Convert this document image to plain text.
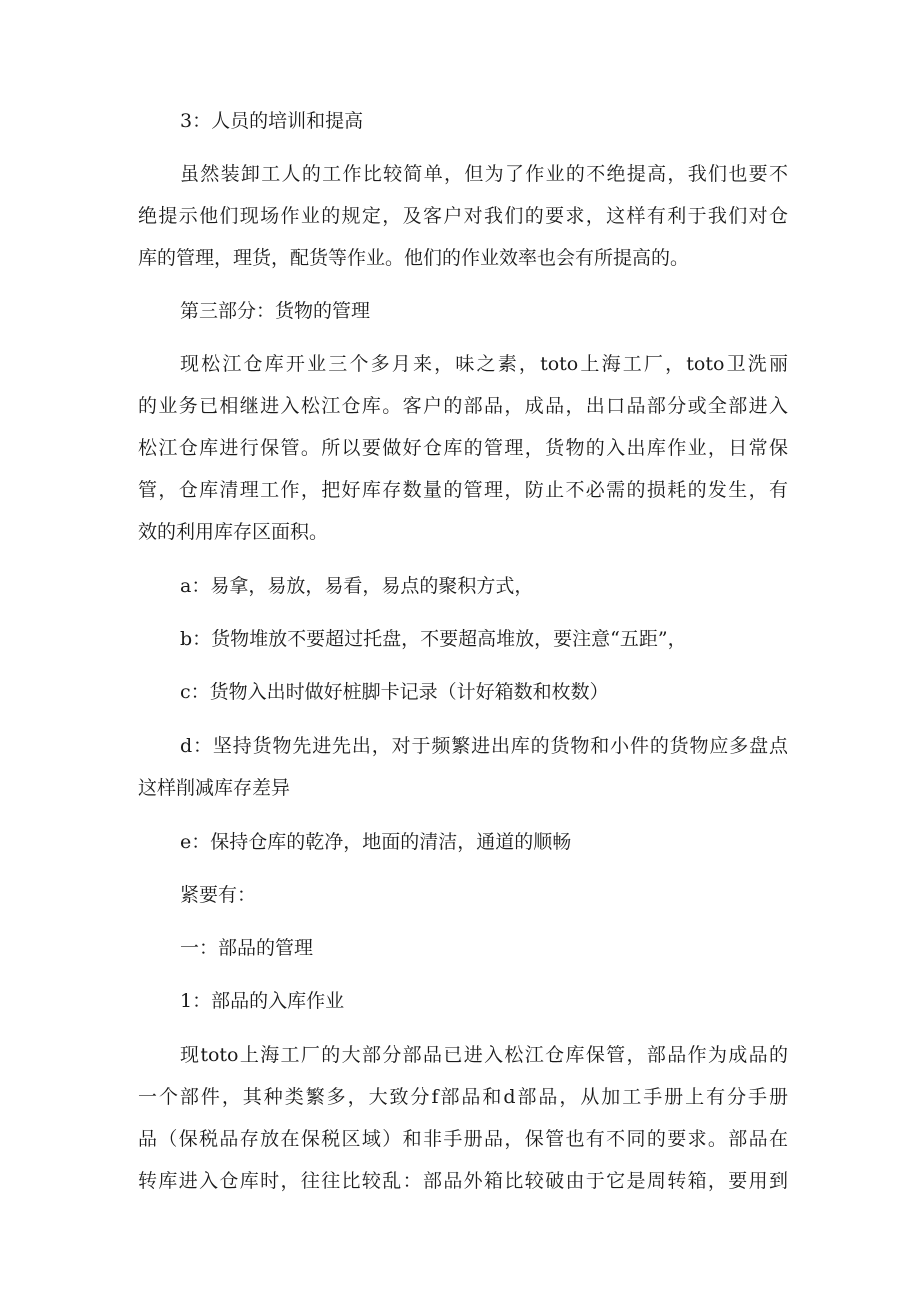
3：人员的培训和提高
虽然装卸工人的工作比较简单，但为了作业的不绝提高，我们也要不
绝提示他们现场作业的规定，及客户对我们的要求，这样有利于我们对仓
库的管理，理货，配货等作业。他们的作业效率也会有所提高的。
第三部分：货物的管理
现松江仓库开业三个多月来，味之素，toto上海工厂，toto卫洗丽
的业务已相继进入松江仓库。客户的部品，成品，出口品部分或全部进入
松江仓库进行保管。所以要做好仓库的管理，货物的入出库作业，日常保
管，仓库清理工作，把好库存数量的管理，防止不必需的损耗的发生，有
效的利用库存区面积。
a：易拿，易放，易看，易点的聚积方式，
b：货物堆放不要超过托盘，不要超高堆放，要注意“五距”，
c：货物入出时做好桩脚卡记录（计好箱数和枚数）
d：坚持货物先进先出，对于频繁进出库的货物和小件的货物应多盘点
这样削减库存差异
e：保持仓库的乾净，地面的清洁，通道的顺畅
紧要有：
一：部品的管理
1：部品的入库作业
现toto上海工厂的大部分部品已进入松江仓库保管，部品作为成品的
一个部件，其种类繁多，大致分f部品和d部品，从加工手册上有分手册
品（保税品存放在保税区域）和非手册品，保管也有不同的要求。部品在
转库进入仓库时，往往比较乱：部品外箱比较破由于它是周转箱，要用到
